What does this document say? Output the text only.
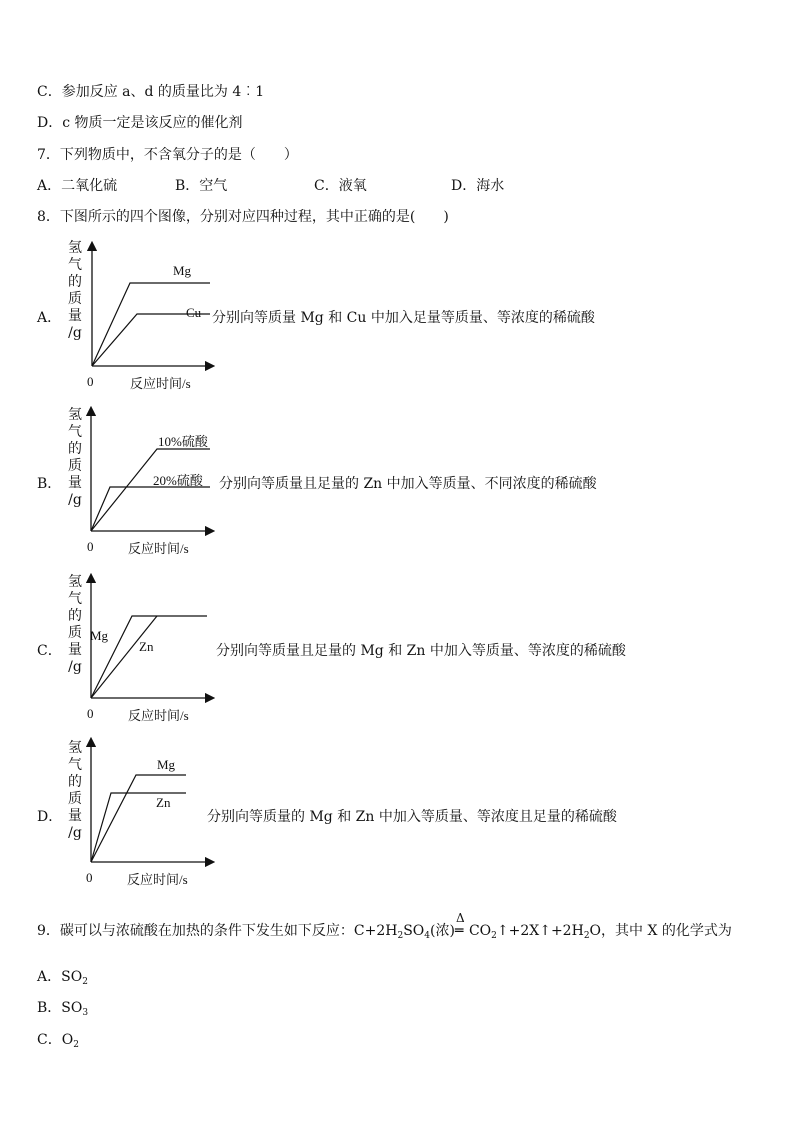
C．参加反应 a、d 的质量比为 4︰1
D．c 物质一定是该反应的催化剂
7．下列物质中，不含氧分子的是（　　）
A．二氧化硫	B．空气	C．液氧	D．海水
8．下图所示的四个图像，分别对应四种过程，其中正确的是(　　)
A．
氢
气
的
质
量
/g
Mg
Cu
0	反应时间/s
分别向等质量 Mg 和 Cu 中加入足量等质量、等浓度的稀硫酸
B．
氢
气
的
质
量
/g
10%硫酸
20%硫酸
0	反应时间/s
分别向等质量且足量的 Zn 中加入等质量、不同浓度的稀硫酸
C．
氢
气
的
质
量
/g
Mg
Zn
0	反应时间/s
分别向等质量且足量的 Mg 和 Zn 中加入等质量、等浓度的稀硫酸
D．
氢
气
的
质
量
/g
Mg
Zn
0	反应时间/s
分别向等质量的 Mg 和 Zn 中加入等质量、等浓度且足量的稀硫酸
9．碳可以与浓硫酸在加热的条件下发生如下反应：$C+2H_2SO_4$(浓)
Δ
═ $CO_2↑+2X↑+2H_2O$，其中 X 的化学式为
A．$SO_2$
B．$SO_3$
C．$O_2$
